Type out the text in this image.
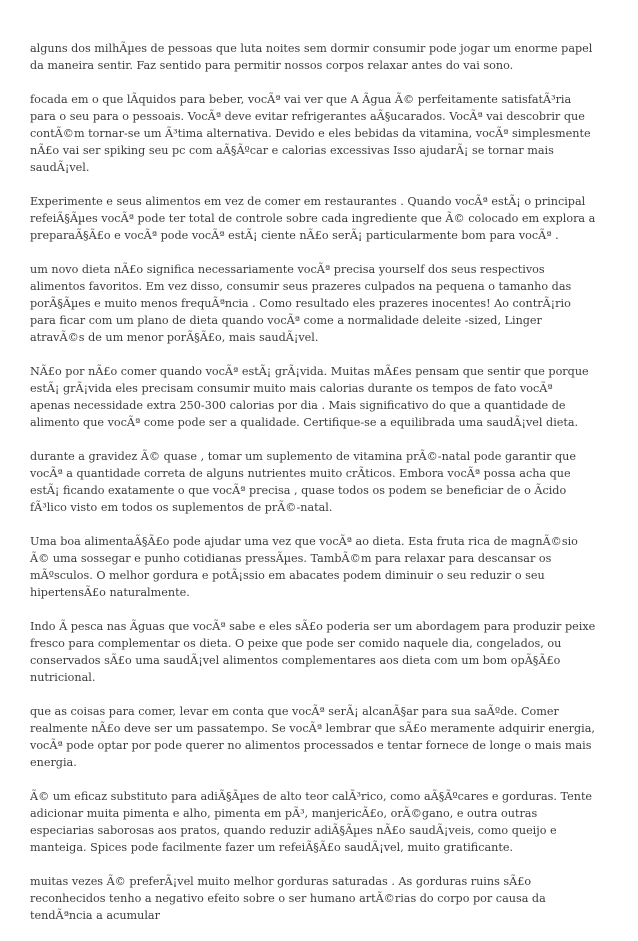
alguns dos milhÃµes de pessoas que luta noites sem dormir consumir pode jogar um enorme papel da maneira sentir. Faz sentido para permitir nossos corpos relaxar antes do vai sono.

focada em o que lÃquidos para beber, vocÃª vai ver que A Ãgua Ã© perfeitamente satisfatÃ³ria para o seu para o pessoais. VocÃª deve evitar refrigerantes aÃ§ucarados. VocÃª vai descobrir que contÃ©m tornar-se um Ã³tima alternativa. Devido e eles bebidas da vitamina, vocÃª simplesmente nÃ£o vai ser spiking seu pc com aÃ§Ãºcar e calorias excessivas Isso ajudarÃ¡ se tornar mais saudÃ¡vel.

Experimente e seus alimentos em vez de comer em restaurantes . Quando vocÃª estÃ¡ o principal refeiÃ§Ãµes vocÃª pode ter total de controle sobre cada ingrediente que Ã© colocado em explora a preparaÃ§Ã£o e vocÃª pode vocÃª estÃ¡ ciente nÃ£o serÃ¡ particularmente bom para vocÃª .

um novo dieta nÃ£o significa necessariamente vocÃª precisa yourself dos seus respectivos alimentos favoritos. Em vez disso, consumir seus prazeres culpados na pequena o tamanho das porÃ§Ãµes e muito menos frequÃªncia . Como resultado eles prazeres inocentes! Ao contrÃ¡rio para ficar com um plano de dieta quando vocÃª come a normalidade deleite -sized, Linger atravÃ©s de um menor porÃ§Ã£o, mais saudÃ¡vel.

NÃ£o por nÃ£o comer quando vocÃª estÃ¡ grÃ¡vida. Muitas mÃ£es pensam que sentir que porque estÃ¡ grÃ¡vida eles precisam consumir muito mais calorias durante os tempos de fato vocÃª apenas necessidade extra 250-300 calorias por dia . Mais significativo do que a quantidade de alimento que vocÃª come pode ser a qualidade. Certifique-se a equilibrada uma saudÃ¡vel dieta.

durante a gravidez Ã© quase , tomar um suplemento de vitamina prÃ©-natal pode garantir que vocÃª a quantidade correta de alguns nutrientes muito crÃticos. Embora vocÃª possa acha que estÃ¡ ficando exatamente o que vocÃª precisa , quase todos os podem se beneficiar de o Ãcido fÃ³lico visto em todos os suplementos de prÃ©-natal.

Uma boa alimentaÃ§Ã£o pode ajudar uma vez que vocÃª ao dieta. Esta fruta rica de magnÃ©sio Ã© uma sossegar e punho cotidianas pressÃµes. TambÃ©m para relaxar para descansar os mÃºsculos. O melhor gordura e potÃ¡ssio em abacates podem diminuir o seu reduzir o seu hipertensÃ£o naturalmente.

Indo Ã pesca nas Ãguas que vocÃª sabe e eles sÃ£o poderia ser um abordagem para produzir peixe fresco para complementar os dieta. O peixe que pode ser comido naquele dia, congelados, ou conservados sÃ£o uma saudÃ¡vel alimentos complementares aos dieta com um bom opÃ§Ã£o nutricional.

que as coisas para comer, levar em conta que vocÃª serÃ¡ alcanÃ§ar para sua saÃºde. Comer realmente nÃ£o deve ser um passatempo. Se vocÃª lembrar que sÃ£o meramente adquirir energia, vocÃª pode optar por pode querer no alimentos processados e tentar fornece de longe o mais mais energia.

Ã© um eficaz substituto para adiÃ§Ãµes de alto teor calÃ³rico, como aÃ§Ãºcares e gorduras. Tente adicionar muita pimenta e alho, pimenta em pÃ³, manjericÃ£o, orÃ©gano, e outra outras especiarias saborosas aos pratos, quando reduzir adiÃ§Ãµes nÃ£o saudÃ¡veis, como queijo e manteiga. Spices pode facilmente fazer um refeiÃ§Ã£o saudÃ¡vel, muito gratificante.

muitas vezes Ã© preferÃ¡vel muito melhor gorduras saturadas . As gorduras ruins sÃ£o reconhecidos tenho a negativo efeito sobre o ser humano artÃ©rias do corpo por causa da tendÃªncia a acumular
